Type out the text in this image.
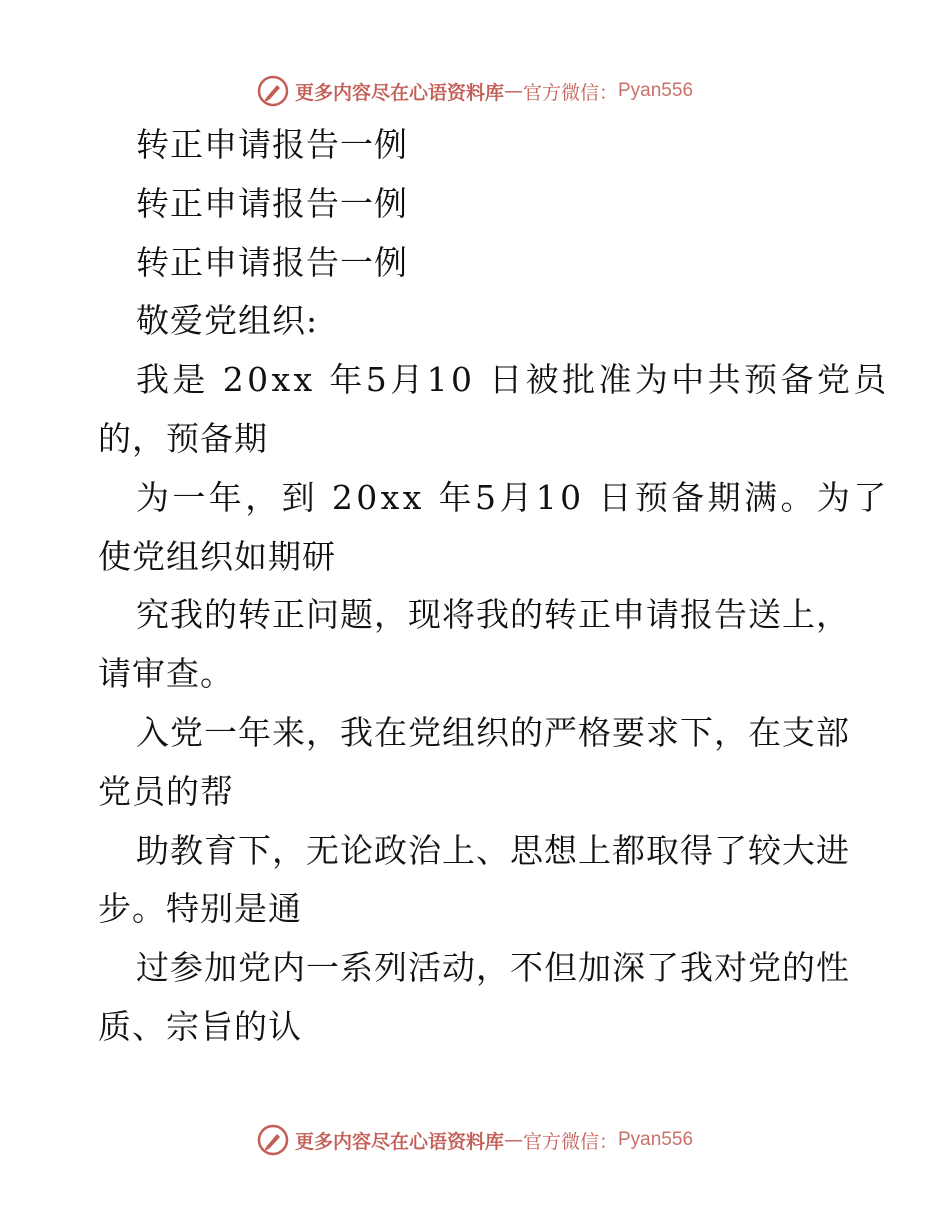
更多内容尽在心语资料库 — 官方微信： Pyan556
转正申请报告一例
转正申请报告一例
转正申请报告一例
敬爱党组织:
我是 20xx 年5月10 日被批准为中共预备党员
的，预备期
为一年，到 20xx 年5月10 日预备期满。为了
使党组织如期研
究我的转正问题，现将我的转正申请报告送上，
请审查。
入党一年来，我在党组织的严格要求下，在支部
党员的帮
助教育下，无论政治上、思想上都取得了较大进
步。特别是通
过参加党内一系列活动，不但加深了我对党的性
质、宗旨的认
更多内容尽在心语资料库 — 官方微信： Pyan556
